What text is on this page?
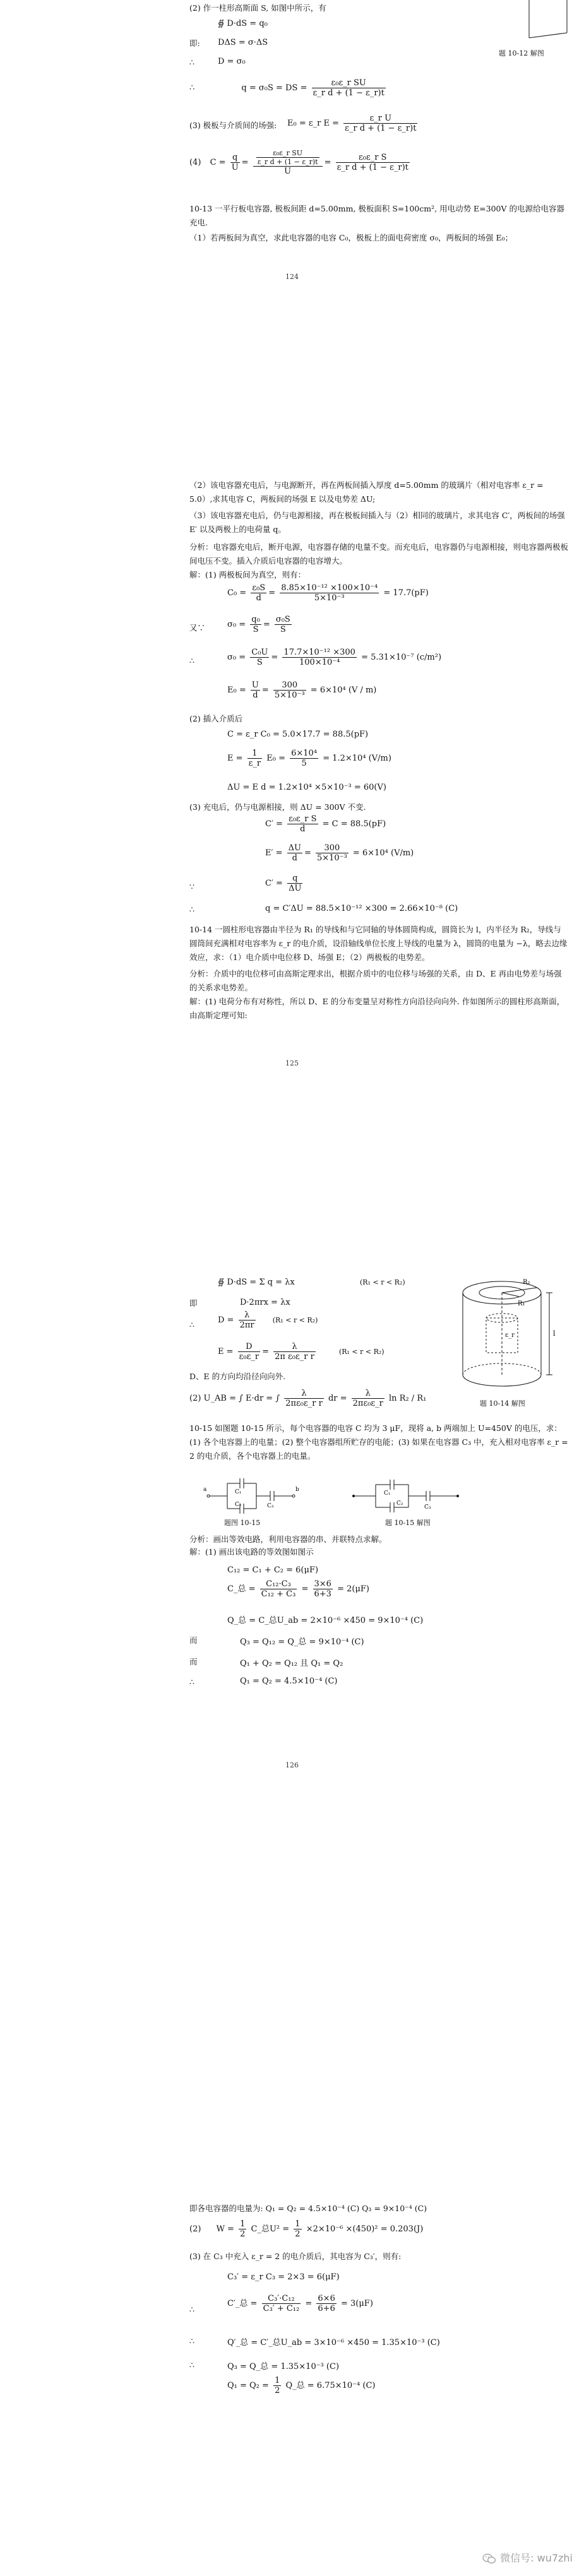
(2) 作一柱形高斯面 S, 如图中所示，有
∯ D·dS = q₀
即: DΔS = σ·ΔS
∴	D = σ₀
∴	q = σ₀S = DS = $\frac{\text{ε₀ε\_r SU}}{\text{ε\_r d + (1 − ε\_r)t}}$
(3) 极板与介质间的场强: E₀ = ε_r $E = \frac{\text{ε\_r U}}{\text{ε\_r d + (1 − ε\_r)t}}$
(4) $C = \frac{q}{U} = \frac{\frac{\text{ε₀ε\_r SU}}{\text{ε\_r d + (1 − ε\_r)t}}}{U} = \frac{\text{ε₀ε\_r S}}{\text{ε\_r d + (1 − ε\_r)t}}$
10-13 一平行板电容器, 极板间距 d=5.00mm, 极板面积 S=100cm², 用电动势 E=300V 的电源给电容器充电.
（1）若两板间为真空，求此电容器的电容 C₀，极板上的面电荷密度 σ₀，两板间的场强 E₀；
题 10-12 解图
124
（2）该电容器充电后，与电源断开，再在两板间插入厚度 d=5.00mm 的玻璃片（相对电容率 ε_r = 5.0）,求其电容 C，两板间的场强 E 以及电势差 ΔU;
（3）该电容器充电后，仍与电源相接，再在极板间插入与（2）相同的玻璃片，求其电容 C′，两板间的场强 E′ 以及两极上的电荷量 q。
分析：电容器充电后，断开电源，电容器存储的电量不变。而充电后，电容器仍与电源相接，则电容器两极板间电压不变。插入介质后电容器的电容增大。
解：(1) 两极板间为真空，则有：
$C_0 = \frac{\text{ε₀S}}{d} = \frac{\text{8.85×10⁻¹² ×100×10⁻⁴}}{\text{5×10⁻³}} = 17.7(pF)$
又∵	$\sigma_0 = \frac{\text{q₀}}{S} = \frac{\text{σ₀S}}{S}$
∴	$\sigma_0 = \frac{\text{C₀U}}{S} = \frac{\text{17.7×10⁻¹² ×300}}{\text{100×10⁻⁴}} = 5.31\times 10^{-7}$ (c/m²)
$E_0 = \frac{U}{d} = \frac{300}{\text{5×10⁻³}} = 6\times 10^4$ (V / m)
(2) 插入介质后
C = ε_r C₀ = 5.0×17.7 = 88.5(pF)
$E = \frac{1}{\varepsilon\_r} E_0 = \frac{\text{6×10⁴}}{5} = 1.2\times 10^4$ (V/m)
ΔU = E d = 1.2×10⁴ ×5×10⁻³ = 60(V)
(3) 充电后，仍与电源相接，则 ΔU = 300V 不变.
$C' = \frac{\text{ε₀ε\_r S}}{d} = C = 88.5(pF)$
$E' = \frac{\Delta U}{d} = \frac{300}{\text{5×10⁻³}} = 6\times 10^4$ (V/m)
∵	$C' = \frac{q}{\Delta U}$
∴	q = C′ΔU = 88.5×10⁻¹² ×300 = 2.66×10⁻⁸ (C)
10-14 一圆柱形电容器由半径为 R₁ 的导线和与它同轴的导体圆筒构成，圆筒长为 l，内半径为 R₂，导线与圆筒间充满相对电容率为 ε_r 的电介质，设沿轴线单位长度上导线的电量为 λ，圆筒的电量为 −λ，略去边缘效应，求：（1）电介质中电位移 D、场强 E；（2）两极板的电势差。
分析：介质中的电位移可由高斯定理求出，根据介质中的电位移与场强的关系，由 D、E 再由电势差与场强的关系求电势差。
解：(1) 电荷分布有对称性，所以 D、E 的分布变量呈对称性方向沿径向向外. 作如图所示的圆柱形高斯面，由高斯定理可知:
125
∯ D·dS = Σ q = λx	(R₁ < r < R₂)
即	D·2πrx = λx
∴	$D = \frac{\lambda}{2\pi r} (R_1 < r < R_2)$
$E = \frac{D}{\text{ε₀ε\_r}} = \frac{\lambda}{\text{2π ε₀ε\_r r}}$	(R₁ < r < R₂)
D、E 的方向均沿径向向外.
(2) U_AB = ∫ E·dr = ∫ $\frac{\lambda}{\text{2πε₀ε\_r r}}$ dr = $\frac{\lambda}{\text{2πε₀ε\_r}}$ ln R₂ / R₁
R₂
R₁
ε_r	l
题 10-14 解图
10-15 如图题 10-15 所示，每个电容器的电容 C 均为 3 μF，现将 a, b 两端加上 U=450V 的电压，求：(1) 各个电容器上的电量；(2) 整个电容器组所贮存的电能；(3) 如果在电容器 C₃ 中，充入相对电容率 ε_r = 2 的电介质，各个电容器上的电量。
C₁
C₂	C₃
a	b
题图 10-15
C₁
C₂
C₃
题 10-15 解图
分析：画出等效电路，利用电容器的串、并联特点求解。
解：(1) 画出该电路的等效图如图示
C₁₂ = C₁ + C₂ = 6(μF)
C_总 = $\frac{\text{C₁₂·C₃}}{\text{C₁₂ + C₃}} = \frac{3\times 6}{6+3} = 2(\mu F)$
Q_总 = C_总U_ab = 2×10⁻⁶ ×450 = 9×10⁻⁴ (C)
而	Q₃ = Q₁₂ = Q_总 = 9×10⁻⁴ (C)
而	Q₁ + Q₂ = Q₁₂ 且 Q₁ = Q₂
∴	Q₁ = Q₂ = 4.5×10⁻⁴ (C)
126
即各电容器的电量为: Q₁ = Q₂ = 4.5×10⁻⁴ (C) Q₃ = 9×10⁻⁴ (C)
(2) $W = \frac{1}{2}$ C_总$U^2 = \frac{1}{2} \times 2\times 10^{-6} \times(450)^2 = 0.203(J)$
(3) 在 C₃ 中充入 ε_r = 2 的电介质后，其电容为 C₃′，则有:
C₃′ = ε_r C₃ = 2×3 = 6(μF)
∴
C′_总 = $\frac{\text{C₃′·C₁₂}}{\text{C₃′ + C₁₂}} = \frac{6\times 6}{6+6} = 3(\mu F)$
∴	Q′_总 = C′_总U_ab = 3×10⁻⁶ ×450 = 1.35×10⁻³ (C)
∴	Q₃ = Q_总 = 1.35×10⁻³ (C)
$Q_1 = Q_2 = \frac{1}{2}$ Q_总 = 6.75×10⁻⁴ (C)
微信号: wu7zhi
